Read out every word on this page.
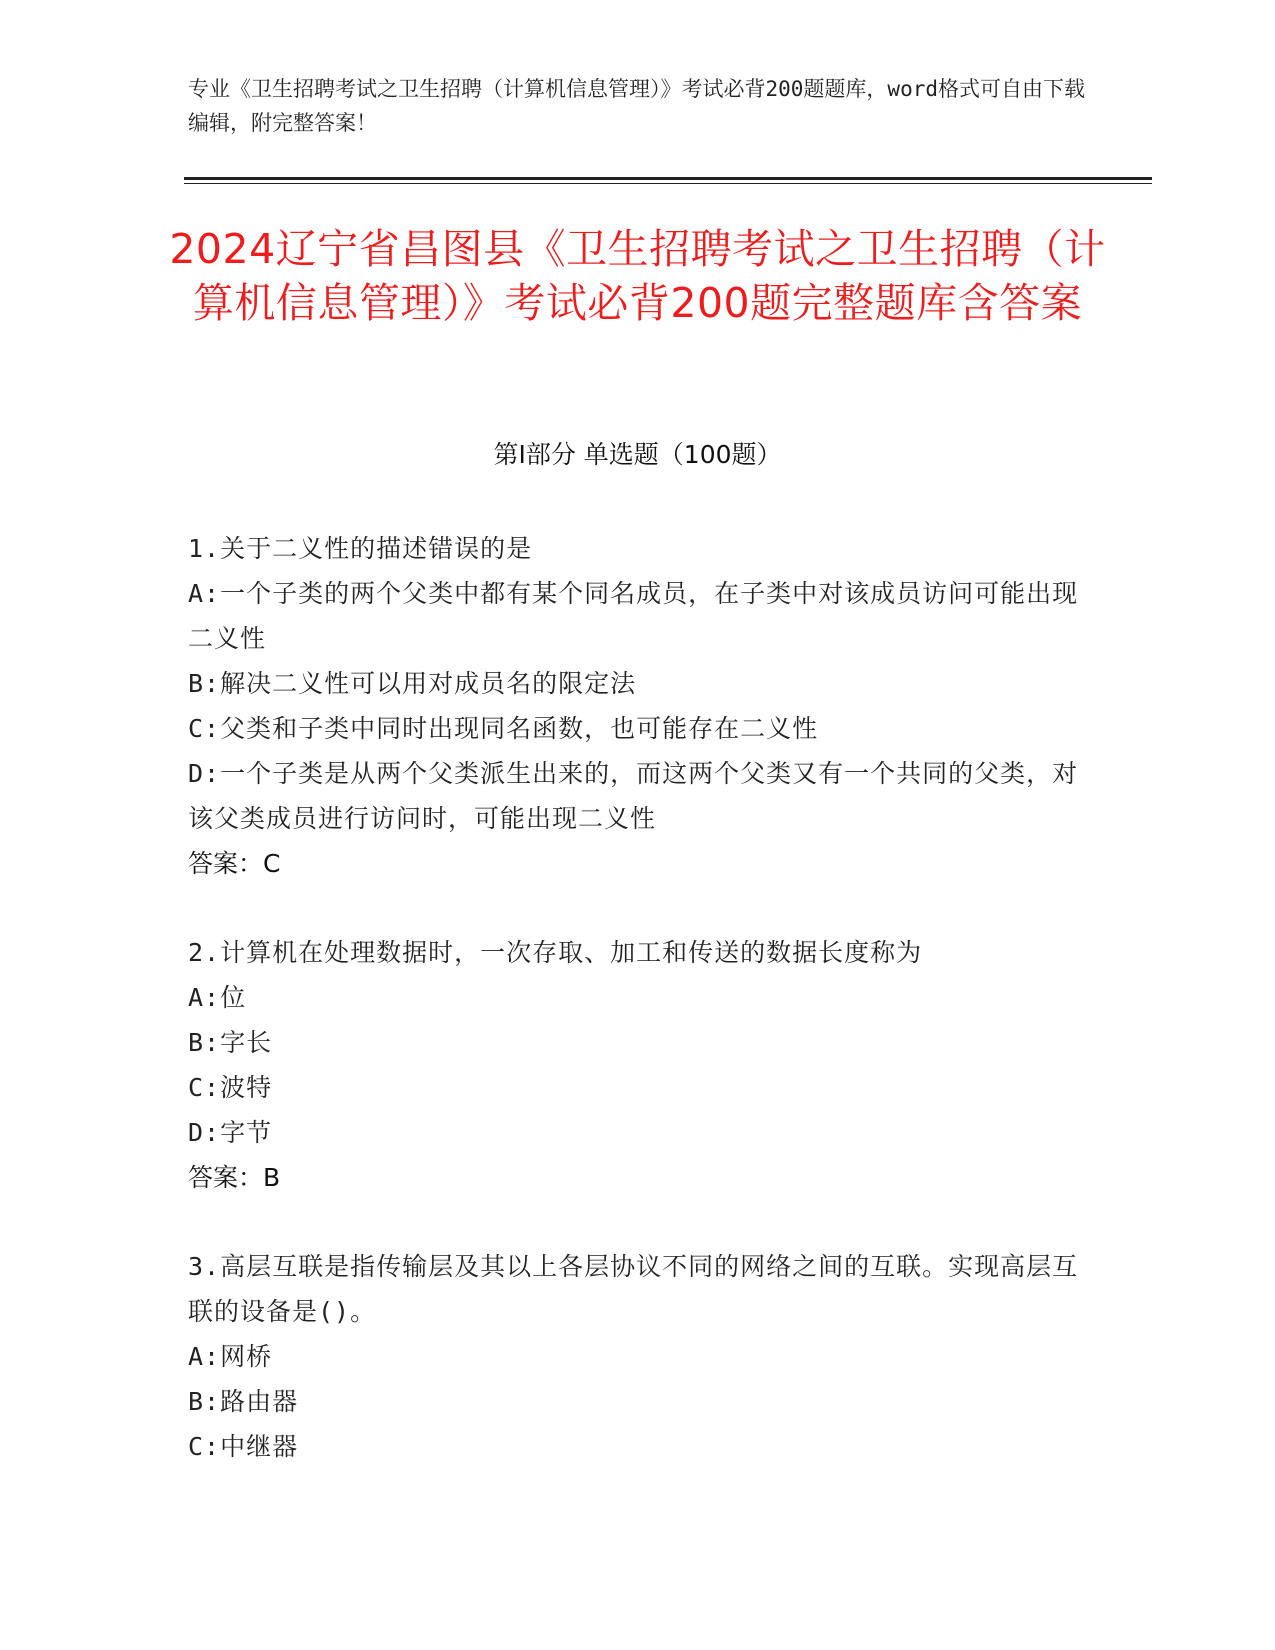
专业《卫生招聘考试之卫生招聘（计算机信息管理）》考试必背200题题库，word格式可自由下载编辑，附完整答案！
2024辽宁省昌图县《卫生招聘考试之卫生招聘（计算机信息管理）》考试必背200题完整题库含答案
第Ⅰ部分 单选题（100题）

1.关于二义性的描述错误的是

A:一个子类的两个父类中都有某个同名成员，在子类中对该成员访问可能出现二义性

B:解决二义性可以用对成员名的限定法

C:父类和子类中同时出现同名函数，也可能存在二义性

D:一个子类是从两个父类派生出来的，而这两个父类又有一个共同的父类，对该父类成员进行访问时，可能出现二义性

答案：C

2.计算机在处理数据时，一次存取、加工和传送的数据长度称为

A:位

B:字长

C:波特

D:字节

答案：B

3.高层互联是指传输层及其以上各层协议不同的网络之间的互联。实现高层互联的设备是()。

A:网桥

B:路由器

C:中继器
